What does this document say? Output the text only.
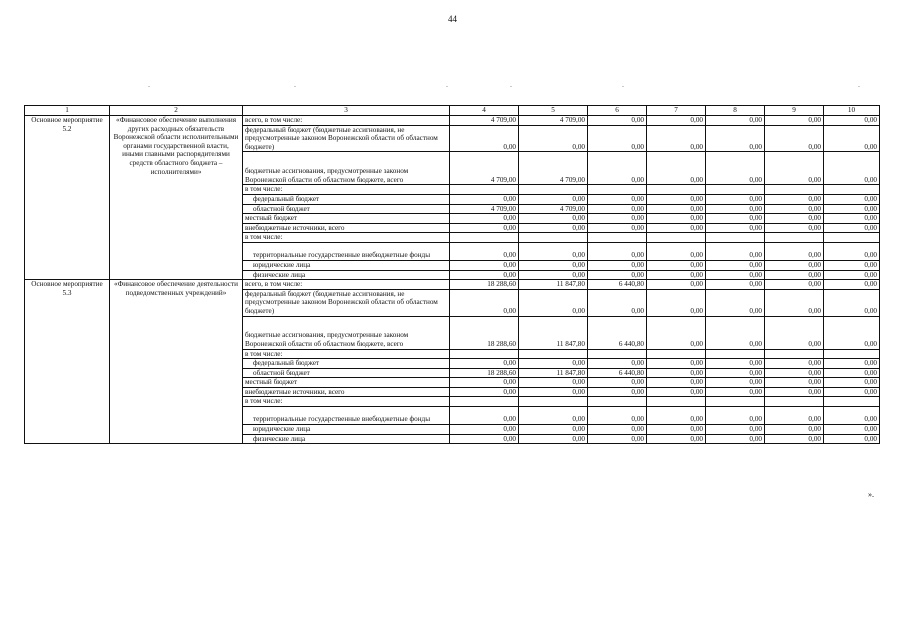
44
.	.	.	.	.	.
1	2	3	4	5	6	7	8	9	10
Основное мероприятие 5.2	«Финансовое обеспечение выполнения других расходных обязательств Воронежской области исполнительными органами государственной власти, иными главными распорядителями средств областного бюджета – исполнителями»	всего, в том числе:	4 709,00	4 709,00	0,00	0,00	0,00	0,00	0,00
		федеральный бюджет (бюджетные ассигнования, не предусмотренные законом Воронежской области об областном бюджете)	0,00	0,00	0,00	0,00	0,00	0,00	0,00
		бюджетные ассигнования, предусмотренные законом Воронежской области об областном бюджете, всего	4 709,00	4 709,00	0,00	0,00	0,00	0,00	0,00
		в том числе:							
		федеральный бюджет	0,00	0,00	0,00	0,00	0,00	0,00	0,00
		областной бюджет	4 709,00	4 709,00	0,00	0,00	0,00	0,00	0,00
		местный бюджет	0,00	0,00	0,00	0,00	0,00	0,00	0,00
		внебюджетные источники, всего	0,00	0,00	0,00	0,00	0,00	0,00	0,00
		в том числе:							
		территориальные государственные внебюджетные фонды	0,00	0,00	0,00	0,00	0,00	0,00	0,00
		юридические лица	0,00	0,00	0,00	0,00	0,00	0,00	0,00
		физические лица	0,00	0,00	0,00	0,00	0,00	0,00	0,00
Основное мероприятие 5.3	«Финансовое обеспечение деятельности подведомственных учреждений»	всего, в том числе:	18 288,60	11 847,80	6 440,80	0,00	0,00	0,00	0,00
		федеральный бюджет (бюджетные ассигнования, не предусмотренные законом Воронежской области об областном бюджете)	0,00	0,00	0,00	0,00	0,00	0,00	0,00
		бюджетные ассигнования, предусмотренные законом Воронежской области об областном бюджете, всего	18 288,60	11 847,80	6 440,80	0,00	0,00	0,00	0,00
		в том числе:							
		федеральный бюджет	0,00	0,00	0,00	0,00	0,00	0,00	0,00
		областной бюджет	18 288,60	11 847,80	6 440,80	0,00	0,00	0,00	0,00
		местный бюджет	0,00	0,00	0,00	0,00	0,00	0,00	0,00
		внебюджетные источники, всего	0,00	0,00	0,00	0,00	0,00	0,00	0,00
		в том числе:							
		территориальные государственные внебюджетные фонды	0,00	0,00	0,00	0,00	0,00	0,00	0,00
		юридические лица	0,00	0,00	0,00	0,00	0,00	0,00	0,00
		физические лица	0,00	0,00	0,00	0,00	0,00	0,00	0,00
».
